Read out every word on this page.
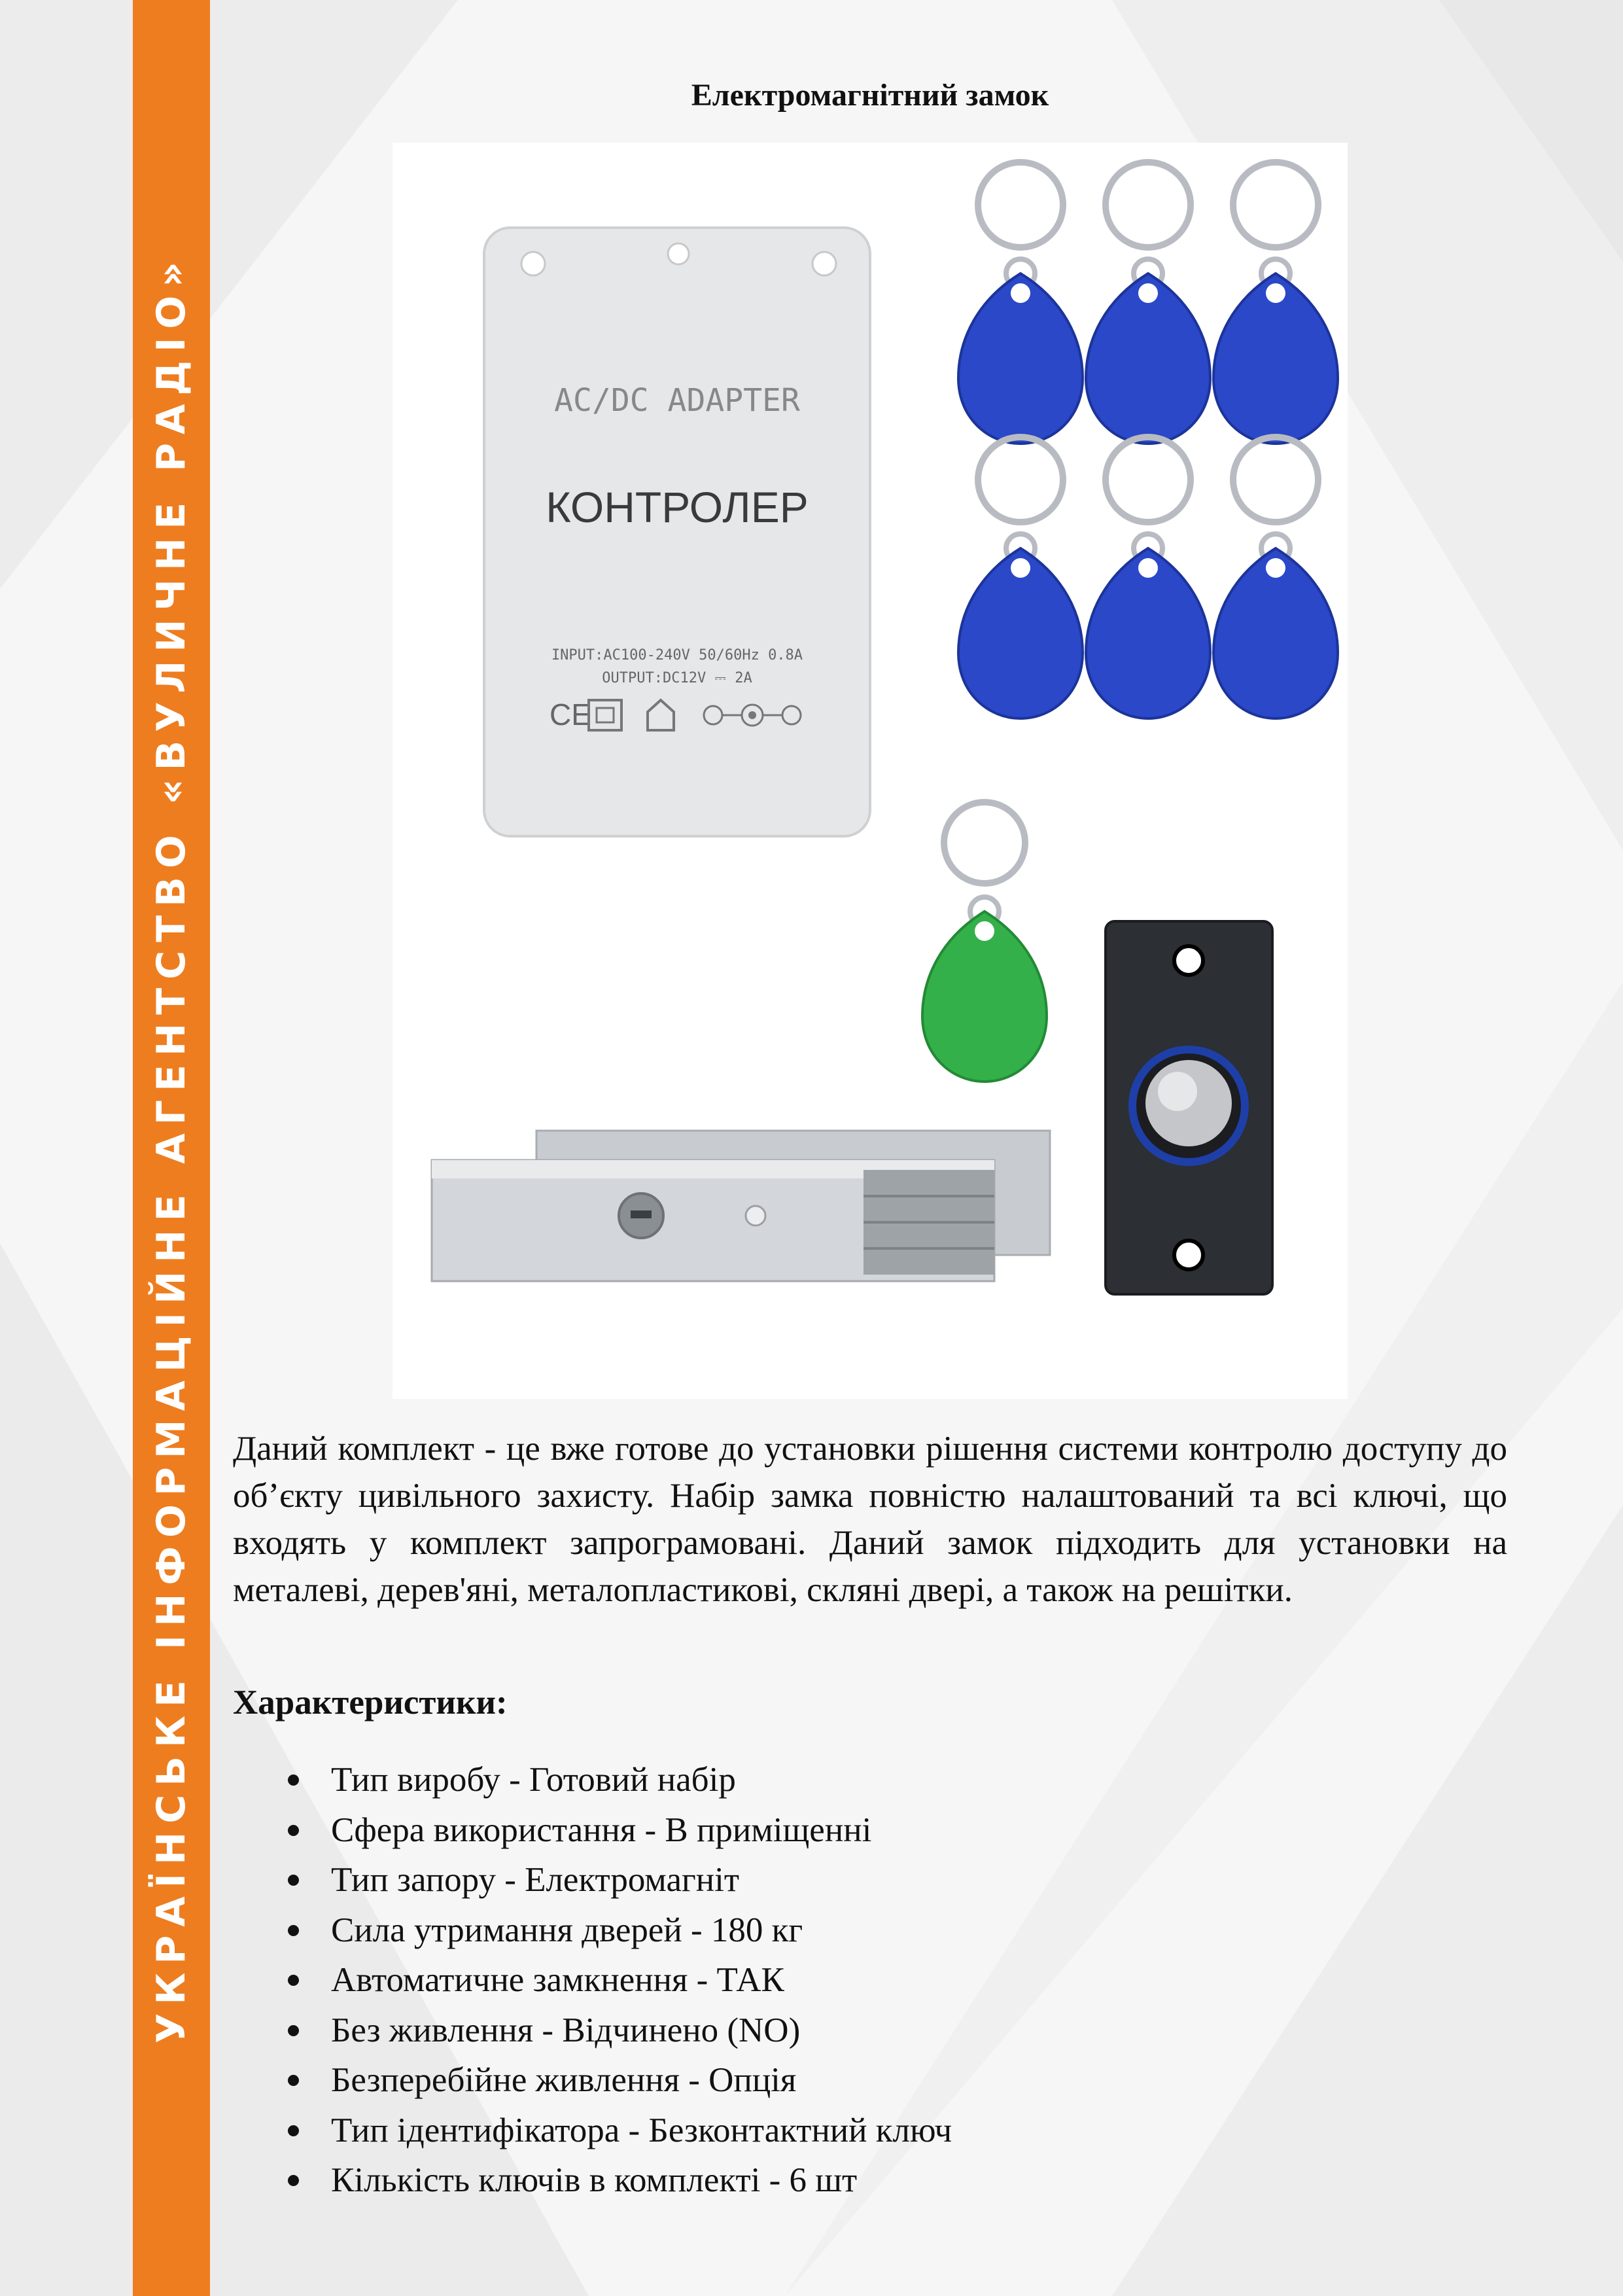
УКРАЇНСЬКЕ ІНФОРМАЦІЙНЕ АГЕНТСТВО «ВУЛИЧНЕ РАДІО»
Електромагнітний замок
AC/DC ADAPTER
КОНТРОЛЕР
INPUT:AC100-240V 50/60Hz 0.8A
OUTPUT:DC12V ⎓ 2A
CE

Даний комплект - це вже готове до установки рішення системи контролю доступу до об’єкту цивільного захисту. Набір замка повністю налаштований та всі ключі, що входять у комплект запрограмовані. Даний замок підходить для установки на металеві, дерев'яні, металопластикові, скляні двері, а також на решітки.

Характеристики:
Тип виробу - Готовий набір
Сфера використання - В приміщенні
Тип запору - Електромагніт
Сила утримання дверей - 180 кг
Автоматичне замкнення - ТАК
Без живлення - Відчинено (NO)
Безперебійне живлення - Опція
Тип ідентифікатора - Безконтактний ключ
Кількість ключів в комплекті - 6 шт
